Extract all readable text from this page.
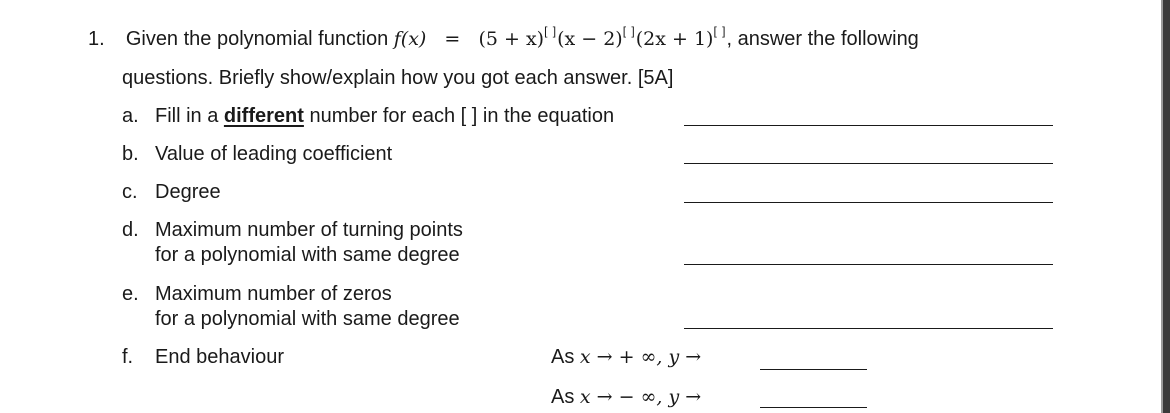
1. Given the polynomial function f(x) = (5 + x)[ ](x − 2)[ ](2x + 1)[ ], answer the following
questions. Briefly show/explain how you got each answer. [5A]
a. Fill in a different number for each [ ] in the equation
b. Value of leading coefficient
c. Degree
d. Maximum number of turning points
for a polynomial with same degree
e. Maximum number of zeros
for a polynomial with same degree
f. End behaviour	As x → + ∞, y →
As x → − ∞, y →
